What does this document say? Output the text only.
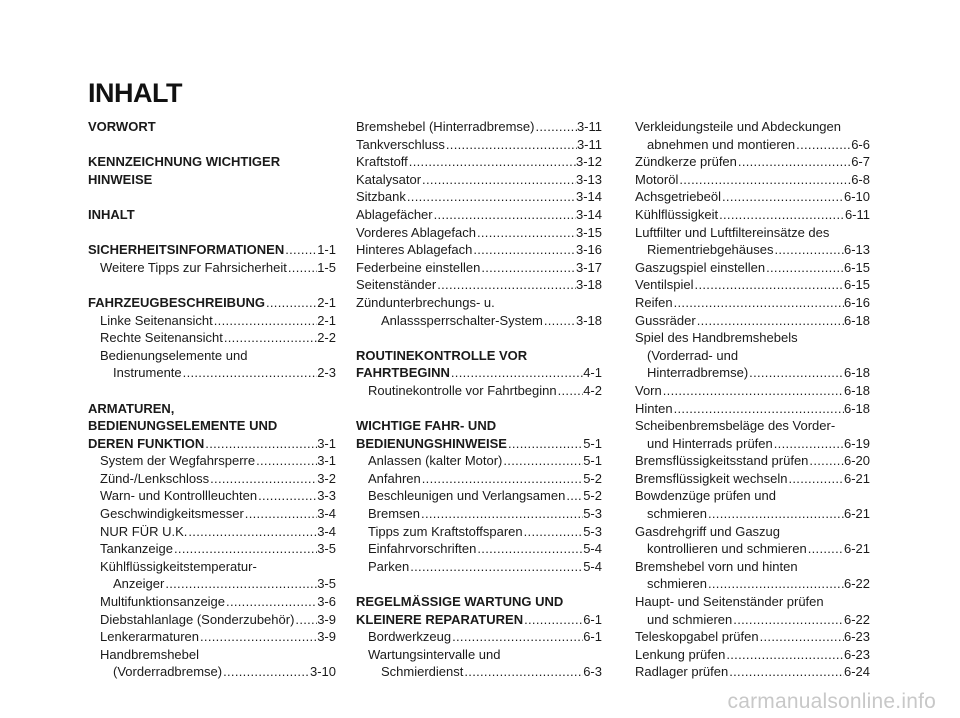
INHALT
VORWORT
KENNZEICHNUNG WICHTIGER
HINWEISE
INHALT
SICHERHEITSINFORMATIONEN .....	1-1
Weitere Tipps zur Fahrsicherheit ..... 1-5
FAHRZEUGBESCHREIBUNG .....	2-1
Linke Seitenansicht .....	2-1
Rechte Seitenansicht .....	2-2
Bedienungselemente und
Instrumente .....	2-3
ARMATUREN,
BEDIENUNGSELEMENTE UND
DEREN FUNKTION .....	3-1
System der Wegfahrsperre .....	3-1
Zünd-/Lenkschloss .....	3-2
Warn- und Kontrollleuchten .....	3-3
Geschwindigkeitsmesser .....	3-4
NUR FÜR U.K. .....	3-4
Tankanzeige .....	3-5
Kühlflüssigkeitstemperatur-
Anzeiger .....	3-5
Multifunktionsanzeige .....	3-6
Diebstahlanlage (Sonderzubehör) ..... 3-9
Lenkerarmaturen .....	3-9
Handbremshebel
(Vorderradbremse) .....	3-10
Bremshebel (Hinterradbremse) .....	3-11
Tankverschluss .....	3-11
Kraftstoff .....	3-12
Katalysator .....	3-13
Sitzbank .....	3-14
Ablagefächer .....	3-14
Vorderes Ablagefach .....	3-15
Hinteres Ablagefach .....	3-16
Federbeine einstellen .....	3-17
Seitenständer .....	3-18
Zündunterbrechungs- u.
Anlasssperrschalter-System .....	3-18
ROUTINEKONTROLLE VOR
FAHRTBEGINN .....	4-1
Routinekontrolle vor Fahrtbeginn ..... 4-2
WICHTIGE FAHR- UND
BEDIENUNGSHINWEISE .....	5-1
Anlassen (kalter Motor) .....	5-1
Anfahren .....	5-2
Beschleunigen und Verlangsamen ..... 5-2
Bremsen .....	5-3
Tipps zum Kraftstoffsparen .....	5-3
Einfahrvorschriften .....	5-4
Parken .....	5-4
REGELMÄSSIGE WARTUNG UND
KLEINERE REPARATUREN .....	6-1
Bordwerkzeug .....	6-1
Wartungsintervalle und
Schmierdienst .....	6-3
Verkleidungsteile und Abdeckungen
abnehmen und montieren .....	6-6
Zündkerze prüfen .....	6-7
Motoröl .....	6-8
Achsgetriebeöl .....	6-10
Kühlflüssigkeit .....	6-11
Luftfilter und Luftfiltereinsätze des
Riementriebgehäuses .....	6-13
Gaszugspiel einstellen .....	6-15
Ventilspiel .....	6-15
Reifen .....	6-16
Gussräder .....	6-18
Spiel des Handbremshebels
(Vorderrad- und
Hinterradbremse) .....	6-18
Vorn .....	6-18
Hinten .....	6-18
Scheibenbremsbeläge des Vorder-
und Hinterrads prüfen .....	6-19
Bremsflüssigkeitsstand prüfen .....	6-20
Bremsflüssigkeit wechseln .....	6-21
Bowdenzüge prüfen und
schmieren .....	6-21
Gasdrehgriff und Gaszug
kontrollieren und schmieren .....	6-21
Bremshebel vorn und hinten
schmieren .....	6-22
Haupt- und Seitenständer prüfen
und schmieren .....	6-22
Teleskopgabel prüfen .....	6-23
Lenkung prüfen .....	6-23
Radlager prüfen .....	6-24
carmanualsonline.info
